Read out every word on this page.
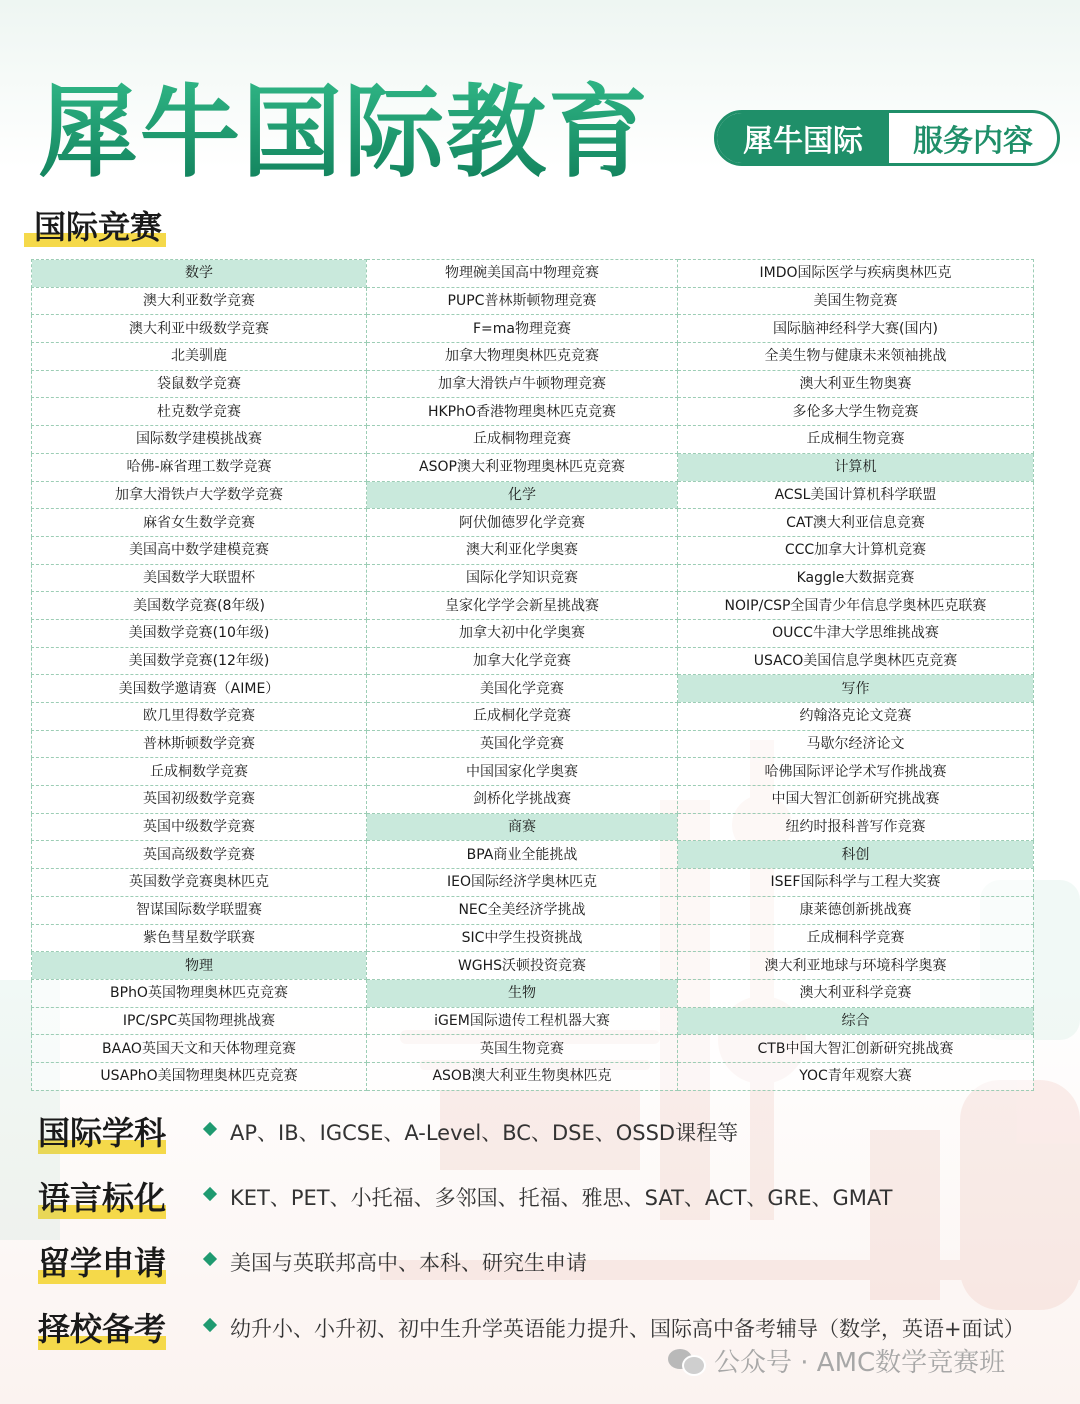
犀牛国际教育	犀牛国际	服务内容
国际竞赛
数学	物理碗美国高中物理竞赛	IMDO国际医学与疾病奥林匹克
澳大利亚数学竞赛	PUPC普林斯顿物理竞赛	美国生物竞赛
澳大利亚中级数学竞赛	F=ma物理竞赛	国际脑神经科学大赛(国内)
北美驯鹿	加拿大物理奥林匹克竞赛	全美生物与健康未来领袖挑战
袋鼠数学竞赛	加拿大滑铁卢牛顿物理竞赛	澳大利亚生物奥赛
杜克数学竞赛	HKPhO香港物理奥林匹克竞赛	多伦多大学生物竞赛
国际数学建模挑战赛	丘成桐物理竞赛	丘成桐生物竞赛
哈佛-麻省理工数学竞赛	ASOP澳大利亚物理奥林匹克竞赛	计算机
加拿大滑铁卢大学数学竞赛	化学	ACSL美国计算机科学联盟
麻省女生数学竞赛	阿伏伽德罗化学竞赛	CAT澳大利亚信息竞赛
美国高中数学建模竞赛	澳大利亚化学奥赛	CCC加拿大计算机竞赛
美国数学大联盟杯	国际化学知识竞赛	Kaggle大数据竞赛
美国数学竞赛(8年级)	皇家化学学会新星挑战赛	NOIP/CSP全国青少年信息学奥林匹克联赛
美国数学竞赛(10年级)	加拿大初中化学奥赛	OUCC牛津大学思维挑战赛
美国数学竞赛(12年级)	加拿大化学竞赛	USACO美国信息学奥林匹克竞赛
美国数学邀请赛（AIME）	美国化学竞赛	写作
欧几里得数学竞赛	丘成桐化学竞赛	约翰洛克论文竞赛
普林斯顿数学竞赛	英国化学竞赛	马歇尔经济论文
丘成桐数学竞赛	中国国家化学奥赛	哈佛国际评论学术写作挑战赛
英国初级数学竞赛	剑桥化学挑战赛	中国大智汇创新研究挑战赛
英国中级数学竞赛	商赛	纽约时报科普写作竞赛
英国高级数学竞赛	BPA商业全能挑战	科创
英国数学竞赛奥林匹克	IEO国际经济学奥林匹克	ISEF国际科学与工程大奖赛
智谋国际数学联盟赛	NEC全美经济学挑战	康莱德创新挑战赛
紫色彗星数学联赛	SIC中学生投资挑战	丘成桐科学竞赛
物理	WGHS沃顿投资竞赛	澳大利亚地球与环境科学奥赛
BPhO英国物理奥林匹克竞赛	生物	澳大利亚科学竞赛
IPC/SPC英国物理挑战赛	iGEM国际遗传工程机器大赛	综合
BAAO英国天文和天体物理竞赛	英国生物竞赛	CTB中国大智汇创新研究挑战赛
USAPhO美国物理奥林匹克竞赛	ASOB澳大利亚生物奥林匹克	YOC青年观察大赛
国际学科	AP、IB、IGCSE、A-Level、BC、DSE、OSSD课程等
语言标化	KET、PET、小托福、多邻国、托福、雅思、SAT、ACT、GRE、GMAT
留学申请	美国与英联邦高中、本科、研究生申请
择校备考	幼升小、小升初、初中生升学英语能力提升、国际高中备考辅导（数学，英语+面试）
公众号 · AMC数学竞赛班
